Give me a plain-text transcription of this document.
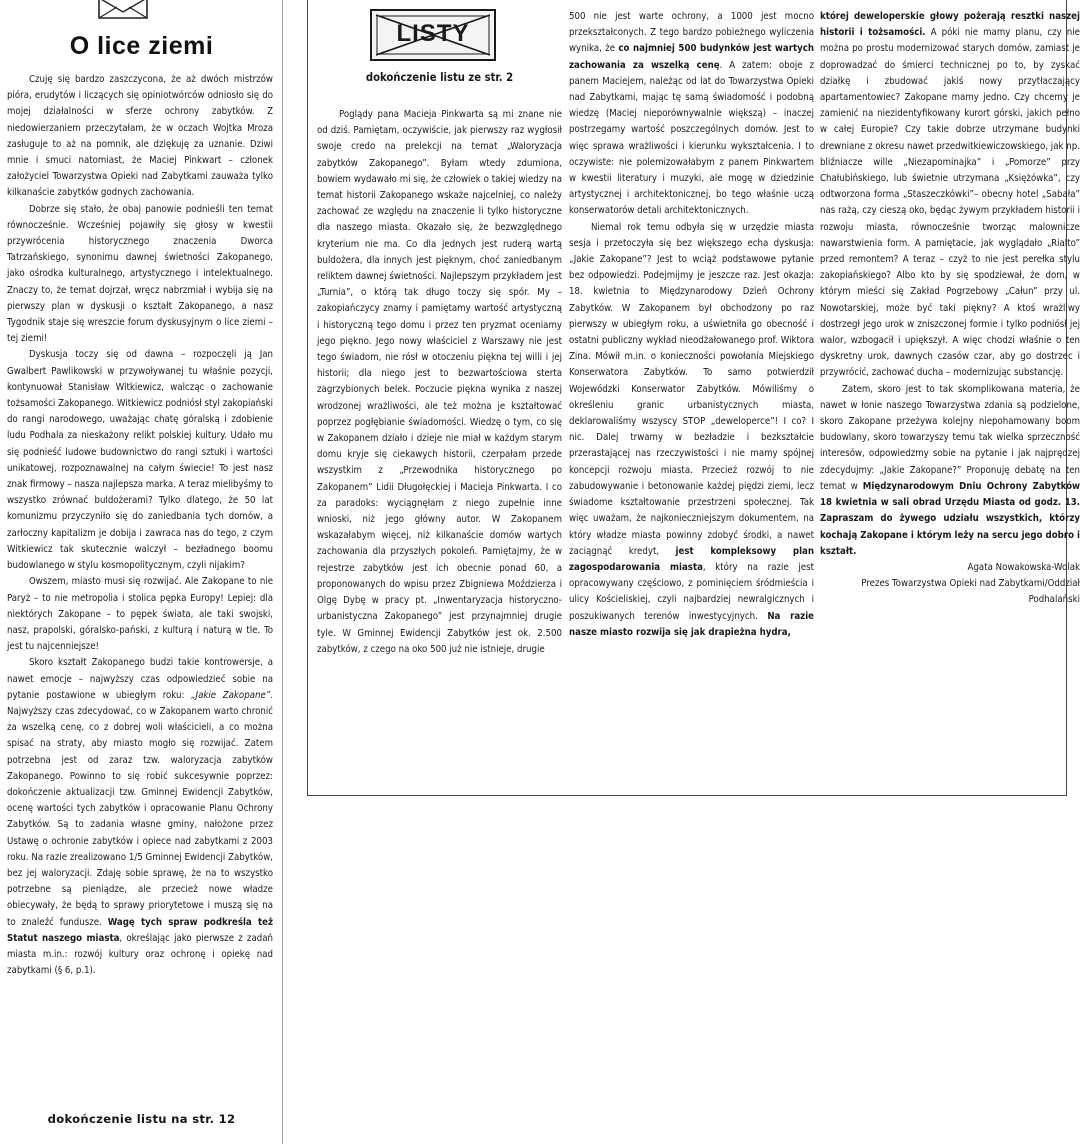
O lice ziemi

Czuję się bardzo zaszczycona, że aż dwóch mistrzów pióra, erudytów i liczących się opiniotwórców odniosło się do mojej działalności w sferze ochrony zabytków. Z niedowierzaniem przeczytałam, że w oczach Wojtka Mroza zasługuje to aż na pomnik, ale dziękuję za uznanie. Dziwi mnie i smuci natomiast, że Maciej Pinkwart – członek założyciel Towarzystwa Opieki nad Zabytkami zauważa tylko kilkanaście zabytków godnych zachowania.

Dobrze się stało, że obaj panowie podnieśli ten temat równocześnie. Wcześniej pojawiły się głosy w kwestii przywrócenia historycznego znaczenia Dworca Tatrzańskiego, synonimu dawnej świetności Zakopanego, jako ośrodka kulturalnego, artystycznego i intelektualnego. Znaczy to, że temat dojrzał, wręcz nabrzmiał i wybija się na pierwszy plan w dyskusji o kształt Zakopanego, a nasz Tygodnik staje się wreszcie forum dyskusyjnym o lice ziemi – tej ziemi!

Dyskusja toczy się od dawna – rozpoczęli ją Jan Gwalbert Pawlikowski w przywoływanej tu właśnie pozycji, kontynuował Stanisław Witkiewicz, walcząc o zachowanie tożsamości Zakopanego. Witkiewicz podniósł styl zakopiański do rangi narodowego, uważając chatę góralską i zdobienie ludu Podhala za nieskażony relikt polskiej kultury. Udało mu się podnieść ludowe budownictwo do rangi sztuki i wartości unikatowej, rozpoznawalnej na całym świecie! To jest nasz znak firmowy – nasza najlepsza marka. A teraz mielibyśmy to wszystko zrównać buldożerami? Tylko dlatego, że 50 lat komunizmu przyczyniło się do zaniedbania tych domów, a zarłoczny kapitalizm je dobija i zawraca nas do tego, z czym Witkiewicz tak skutecznie walczył – bezładnego boomu budowlanego w stylu kosmopolitycznym, czyli nijakim?

Owszem, miasto musi się rozwijać. Ale Zakopane to nie Paryż – to nie metropolia i stolica pępka Europy! Lepiej: dla niektórych Zakopane – to pępek świata, ale taki swojski, nasz, prapolski, góralsko-pański, z kulturą i naturą w tle. To jest tu najcenniejsze!

Skoro kształt Zakopanego budzi takie kontrowersje, a nawet emocje – najwyższy czas odpowiedzieć sobie na pytanie postawione w ubiegłym roku: „Jakie Zakopane”. Najwyższy czas zdecydować, co w Zakopanem warto chronić za wszelką cenę, co z dobrej woli właścicieli, a co można spisać na straty, aby miasto mogło się rozwijać. Zatem potrzebna jest od zaraz tzw. waloryzacja zabytków Zakopanego. Powinno to się robić sukcesywnie poprzez: dokończenie aktualizacji tzw. Gminnej Ewidencji Zabytków, ocenę wartości tych zabytków i opracowanie Planu Ochrony Zabytków. Są to zadania własne gminy, nałożone przez Ustawę o ochronie zabytków i opiece nad zabytkami z 2003 roku. Na razie zrealizowano 1/5 Gminnej Ewidencji Zabytków, bez jej waloryzacji. Zdaję sobie sprawę, że na to wszystko potrzebne są pieniądze, ale przecież nowe władze obiecywały, że będą to sprawy priorytetowe i muszą się na to znaleźć fundusze. Wagę tych spraw podkreśla też Statut naszego miasta, określając jako pierwsze z zadań miasta m.in.: rozwój kultury oraz ochronę i opiekę nad zabytkami (§ 6, p.1).

dokończenie listu na str. 12
LISTY
dokończenie listu ze str. 2

Poglądy pana Macieja Pinkwarta są mi znane nie od dziś. Pamiętam, oczywiście, jak pierwszy raz wygłosił swoje credo na prelekcji na temat „Waloryzacja zabytków Zakopanego”. Byłam wtedy zdumiona, bowiem wydawało mi się, że człowiek o takiej wiedzy na temat historii Zakopanego wskaże najcelniej, co należy zachować ze względu na znaczenie li tylko historyczne dla naszego miasta. Okazało się, że bezwzględnego kryterium nie ma. Co dla jednych jest ruderą wartą buldożera, dla innych jest pięknym, choć zaniedbanym reliktem dawnej świetności. Najlepszym przykładem jest „Turnia”, o którą tak długo toczy się spór. My – zakopiańczycy znamy i pamiętamy wartość artystyczną i historyczną tego domu i przez ten pryzmat oceniamy jego piękno. Jego nowy właściciel z Warszawy nie jest tego świadom, nie rósł w otoczeniu piękna tej willi i jej historii; dla niego jest to bezwartościowa sterta zagrzybionych belek. Poczucie piękna wynika z naszej wrodzonej wrażliwości, ale też można je kształtować poprzez pogłębianie świadomości. Wiedzę o tym, co się w Zakopanem działo i dzieje nie miał w każdym starym domu kryje się ciekawych historii, czerpałam przede wszystkim z „Przewodnika historycznego po Zakopanem” Lidii Długołęckiej i Macieja Pinkwarta. I co za paradoks: wyciągnęłam z niego zupełnie inne wnioski, niż jego główny autor. W Zakopanem wskazałabym więcej, niż kilkanaście domów wartych zachowania dla przyszłych pokoleń. Pamiętajmy, że w rejestrze zabytków jest ich obecnie ponad 60, a proponowanych do wpisu przez Zbigniewa Moździerza i Olgę Dybę w pracy pt. „Inwentaryzacja historyczno-urbanistyczna Zakopanego” jest przynajmniej drugie tyle. W Gminnej Ewidencji Zabytków jest ok. 2.500 zabytków, z czego na oko 500 już nie istnieje, drugie

500 nie jest warte ochrony, a 1000 jest mocno przekształconych. Z tego bardzo pobieżnego wyliczenia wynika, że co najmniej 500 budynków jest wartych zachowania za wszelką cenę. A zatem: oboje z panem Maciejem, należąc od lat do Towarzystwa Opieki nad Zabytkami, mając tę samą świadomość i podobną wiedzę (Maciej nieporównywalnie większą) – inaczej postrzegamy wartość poszczególnych domów. Jest to więc sprawa wrażliwości i kierunku wykształcenia. I to oczywiste: nie polemizowałabym z panem Pinkwartem w kwestii literatury i muzyki, ale mogę w dziedzinie artystycznej i architektonicznej, bo tego właśnie uczą konserwatorów detali architektonicznych.

Niemal rok temu odbyła się w urzędzie miasta sesja i przetoczyła się bez większego echa dyskusja: „Jakie Zakopane”? Jest to wciąż podstawowe pytanie bez odpowiedzi. Podejmijmy je jeszcze raz. Jest okazja: 18. kwietnia to Międzynarodowy Dzień Ochrony Zabytków. W Zakopanem był obchodzony po raz pierwszy w ubiegłym roku, a uświetniła go obecność i ostatni publiczny wykład nieodżałowanego prof. Wiktora Zina. Mówił m.in. o konieczności powołania Miejskiego Konserwatora Zabytków. To samo potwierdził Wojewódzki Konserwator Zabytków. Mówiliśmy o określeniu granic urbanistycznych miasta, deklarowaliśmy wszyscy STOP „deweloperce”! I co? I nic. Dalej trwamy w bezładzie i bezkształcie przerastającej nas rzeczywistości i nie mamy spójnej koncepcji rozwoju miasta. Przecież rozwój to nie zabudowywanie i betonowanie każdej piędzi ziemi, lecz świadome kształtowanie przestrzeni społecznej. Tak więc uważam, że najkonieczniejszym dokumentem, na który władze miasta powinny zdobyć środki, a nawet zaciągnąć kredyt, jest kompleksowy plan zagospodarowania miasta, który na razie jest opracowywany częściowo, z pominięciem śródmieścia i ulicy Kościeliskiej, czyli najbardziej newralgicznych i poszukiwanych terenów inwestycyjnych. Na razie nasze miasto rozwija się jak drapieżna hydra,

której deweloperskie głowy pożerają resztki naszej historii i tożsamości. A póki nie mamy planu, czy nie można po prostu modernizować starych domów, zamiast je doprowadzać do śmierci technicznej po to, by zyskać działkę i zbudować jakiś nowy przytłaczający apartamentowiec? Zakopane mamy jedno. Czy chcemy je zamienić na niezidentyfikowany kurort górski, jakich pełno w całej Europie? Czy takie dobrze utrzymane budynki drewniane z okresu nawet przedwitkiewiczowskiego, jak np. bliźniacze wille „Niezapominajka” i „Pomorze” przy Chałubińskiego, lub świetnie utrzymana „Księżówka”, czy odtworzona forma „Staszeczkówki”– obecny hotel „Sabała” nas rażą, czy cieszą oko, będąc żywym przykładem historii i rozwoju miasta, równocześnie tworząc malownicze nawarstwienia form. A pamiętacie, jak wyglądało „Rialto” przed remontem? A teraz – czyż to nie jest perełka stylu zakopiańskiego? Albo kto by się spodziewał, że dom, w którym mieści się Zakład Pogrzebowy „Całun” przy ul. Nowotarskiej, może być taki piękny? A ktoś wrażliwy dostrzegł jego urok w zniszczonej formie i tylko podniósł jej walor, wzbogacił i upiększył. A więc chodzi właśnie o ten dyskretny urok, dawnych czasów czar, aby go dostrzec i przywrócić, zachować ducha – modernizując substancję.

Zatem, skoro jest to tak skomplikowana materia, że nawet w łonie naszego Towarzystwa zdania są podzielone, skoro Zakopane przeżywa kolejny niepohamowany boom budowlany, skoro towarzyszy temu tak wielka sprzeczność interesów, odpowiedzmy sobie na pytanie i jak najprędzej zdecydujmy: „Jakie Zakopane?” Proponuję debatę na ten temat w Międzynarodowym Dniu Ochrony Zabytków 18 kwietnia w sali obrad Urzędu Miasta od godz. 13. Zapraszam do żywego udziału wszystkich, którzy kochają Zakopane i którym leży na sercu jego dobro i kształt.

Agata Nowakowska-Wolak
Prezes Towarzystwa Opieki nad Zabytkami/Oddział Podhalański
